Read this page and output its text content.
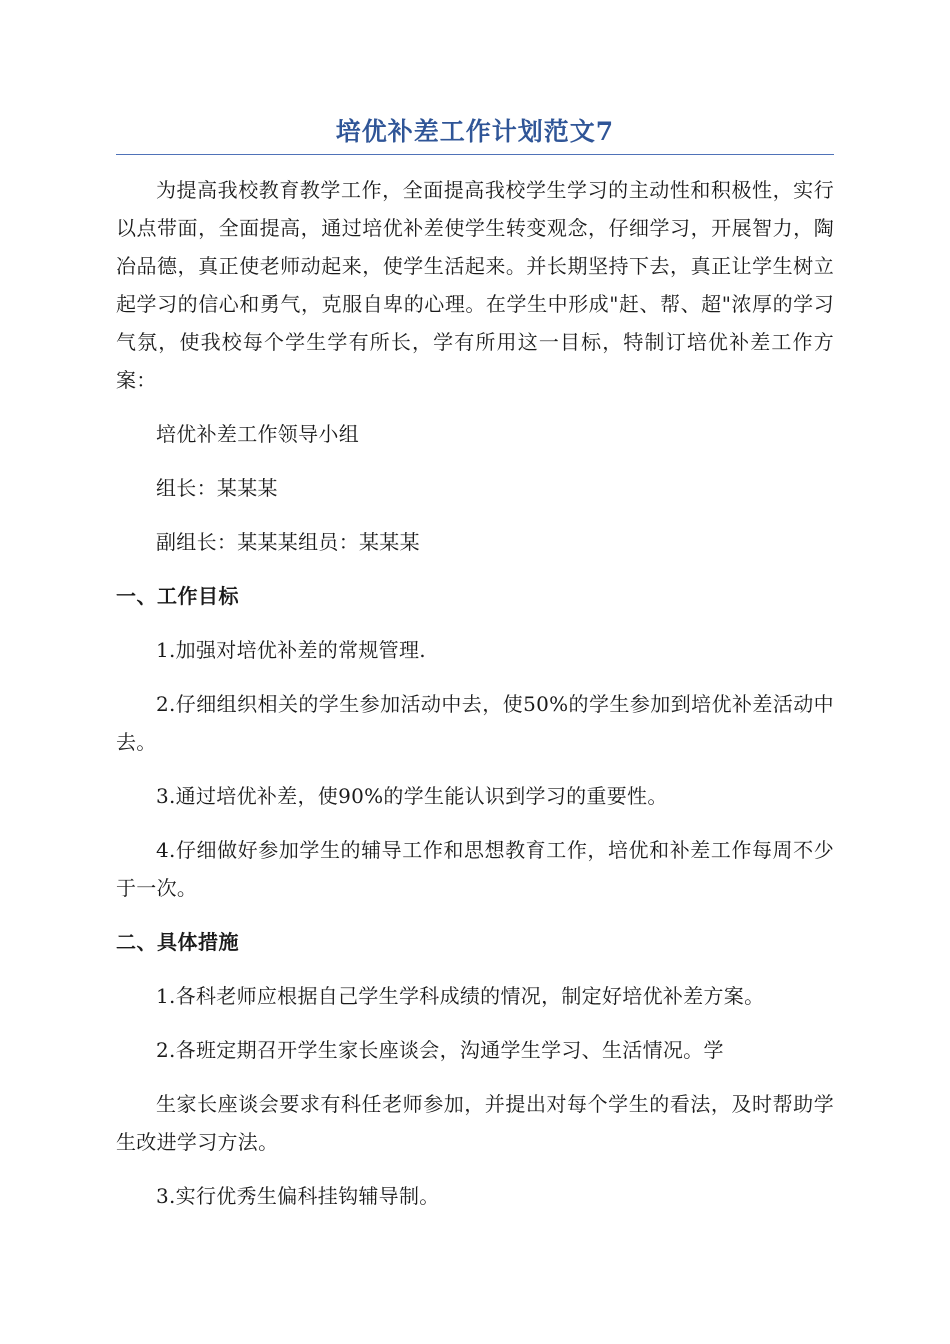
培优补差工作计划范文7

为提高我校教育教学工作，全面提高我校学生学习的主动性和积极性，实行以点带面，全面提高，通过培优补差使学生转变观念，仔细学习，开展智力，陶冶品德，真正使老师动起来，使学生活起来。并长期坚持下去，真正让学生树立起学习的信心和勇气，克服自卑的心理。在学生中形成"赶、帮、超"浓厚的学习气氛，使我校每个学生学有所长，学有所用这一目标，特制订培优补差工作方案：

培优补差工作领导小组

组长：某某某

副组长：某某某组员：某某某

一、工作目标

1.加强对培优补差的常规管理.

2.仔细组织相关的学生参加活动中去，使50%的学生参加到培优补差活动中去。

3.通过培优补差，使90%的学生能认识到学习的重要性。

4.仔细做好参加学生的辅导工作和思想教育工作，培优和补差工作每周不少于一次。

二、具体措施

1.各科老师应根据自己学生学科成绩的情况，制定好培优补差方案。

2.各班定期召开学生家长座谈会，沟通学生学习、生活情况。学

生家长座谈会要求有科任老师参加，并提出对每个学生的看法，及时帮助学生改进学习方法。

3.实行优秀生偏科挂钩辅导制。
